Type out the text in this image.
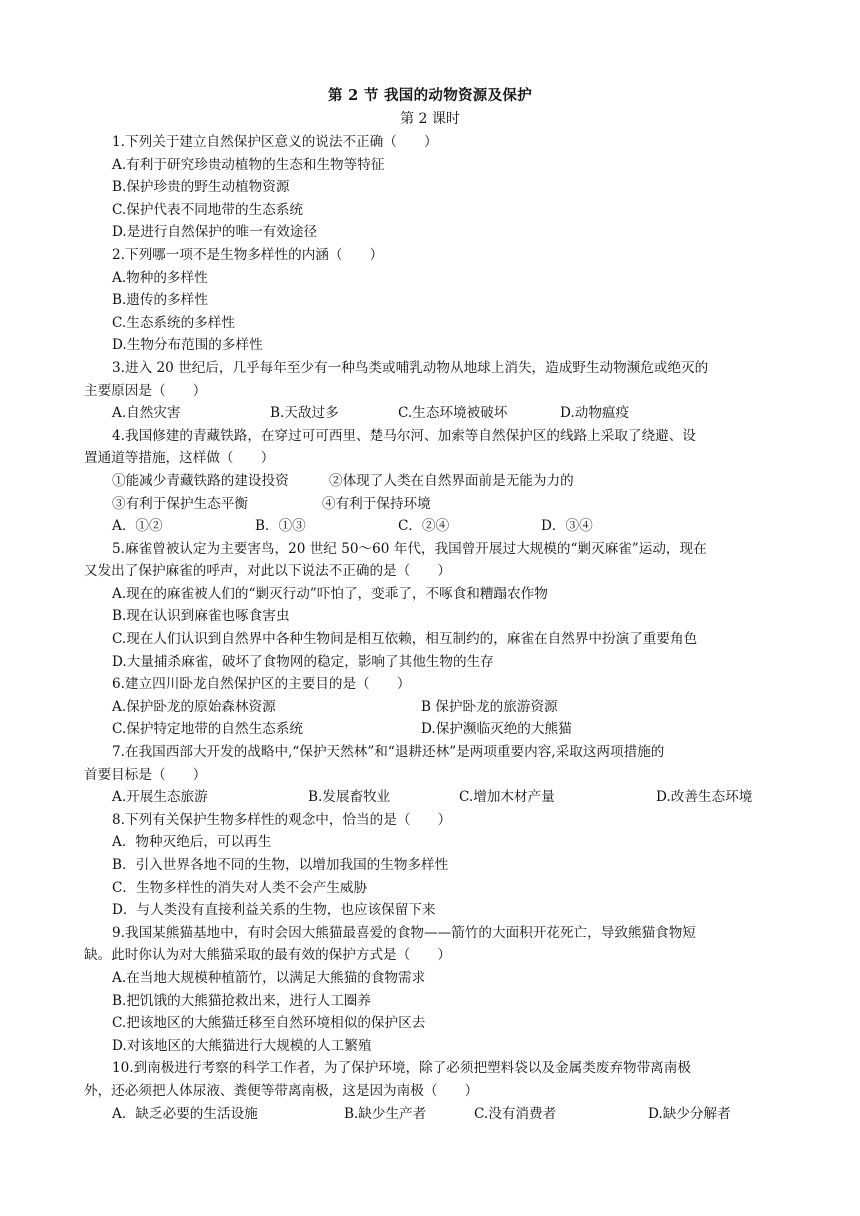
第 2 节 我国的动物资源及保护
第 2 课时
1.下列关于建立自然保护区意义的说法不正确（　　）
A.有利于研究珍贵动植物的生态和生物等特征
B.保护珍贵的野生动植物资源
C.保护代表不同地带的生态系统
D.是进行自然保护的唯一有效途径
2.下列哪一项不是生物多样性的内涵（　　）
A.物种的多样性
B.遗传的多样性
C.生态系统的多样性
D.生物分布范围的多样性
3.进入 20 世纪后，几乎每年至少有一种鸟类或哺乳动物从地球上消失，造成野生动物濒危或绝灭的
主要原因是（　　）
A.自然灾害	B.天敌过多	C.生态环境被破坏	D.动物瘟疫
4.我国修建的青藏铁路，在穿过可可西里、楚马尔河、加索等自然保护区的线路上采取了绕避、设
置通道等措施，这样做（　　）
①能减少青藏铁路的建设投资	②体现了人类在自然界面前是无能为力的
③有利于保护生态平衡	④有利于保持环境
A．①②	B．①③	C．②④	D．③④
5.麻雀曾被认定为主要害鸟，20 世纪 50～60 年代，我国曾开展过大规模的“剿灭麻雀”运动，现在
又发出了保护麻雀的呼声，对此以下说法不正确的是（　　）
A.现在的麻雀被人们的“剿灭行动”吓怕了，变乖了，不啄食和糟蹋农作物
B.现在认识到麻雀也啄食害虫
C.现在人们认识到自然界中各种生物间是相互依赖，相互制约的，麻雀在自然界中扮演了重要角色
D.大量捕杀麻雀，破坏了食物网的稳定，影响了其他生物的生存
6.建立四川卧龙自然保护区的主要目的是（　　）
A.保护卧龙的原始森林资源	B 保护卧龙的旅游资源
C.保护特定地带的自然生态系统	D.保护濒临灭绝的大熊猫
7.在我国西部大开发的战略中,“保护天然林”和“退耕还林”是两项重要内容,采取这两项措施的
首要目标是（　　）
A.开展生态旅游	B.发展畜牧业	C.增加木材产量	D.改善生态环境
8.下列有关保护生物多样性的观念中，恰当的是（　　）
A．物种灭绝后，可以再生
B．引入世界各地不同的生物，以增加我国的生物多样性
C．生物多样性的消失对人类不会产生威胁
D．与人类没有直接利益关系的生物，也应该保留下来
9.我国某熊猫基地中，有时会因大熊猫最喜爱的食物——箭竹的大面积开花死亡，导致熊猫食物短
缺。此时你认为对大熊猫采取的最有效的保护方式是（　　）
A.在当地大规模种植箭竹，以满足大熊猫的食物需求
B.把饥饿的大熊猫抢救出来，进行人工圈养
C.把该地区的大熊猫迁移至自然环境相似的保护区去
D.对该地区的大熊猫进行大规模的人工繁殖
10.到南极进行考察的科学工作者，为了保护环境，除了必须把塑料袋以及金属类废弃物带离南极
外，还必须把人体尿液、粪便等带离南极，这是因为南极（　　）
A．缺乏必要的生活设施	B.缺少生产者	C.没有消费者	D.缺少分解者
